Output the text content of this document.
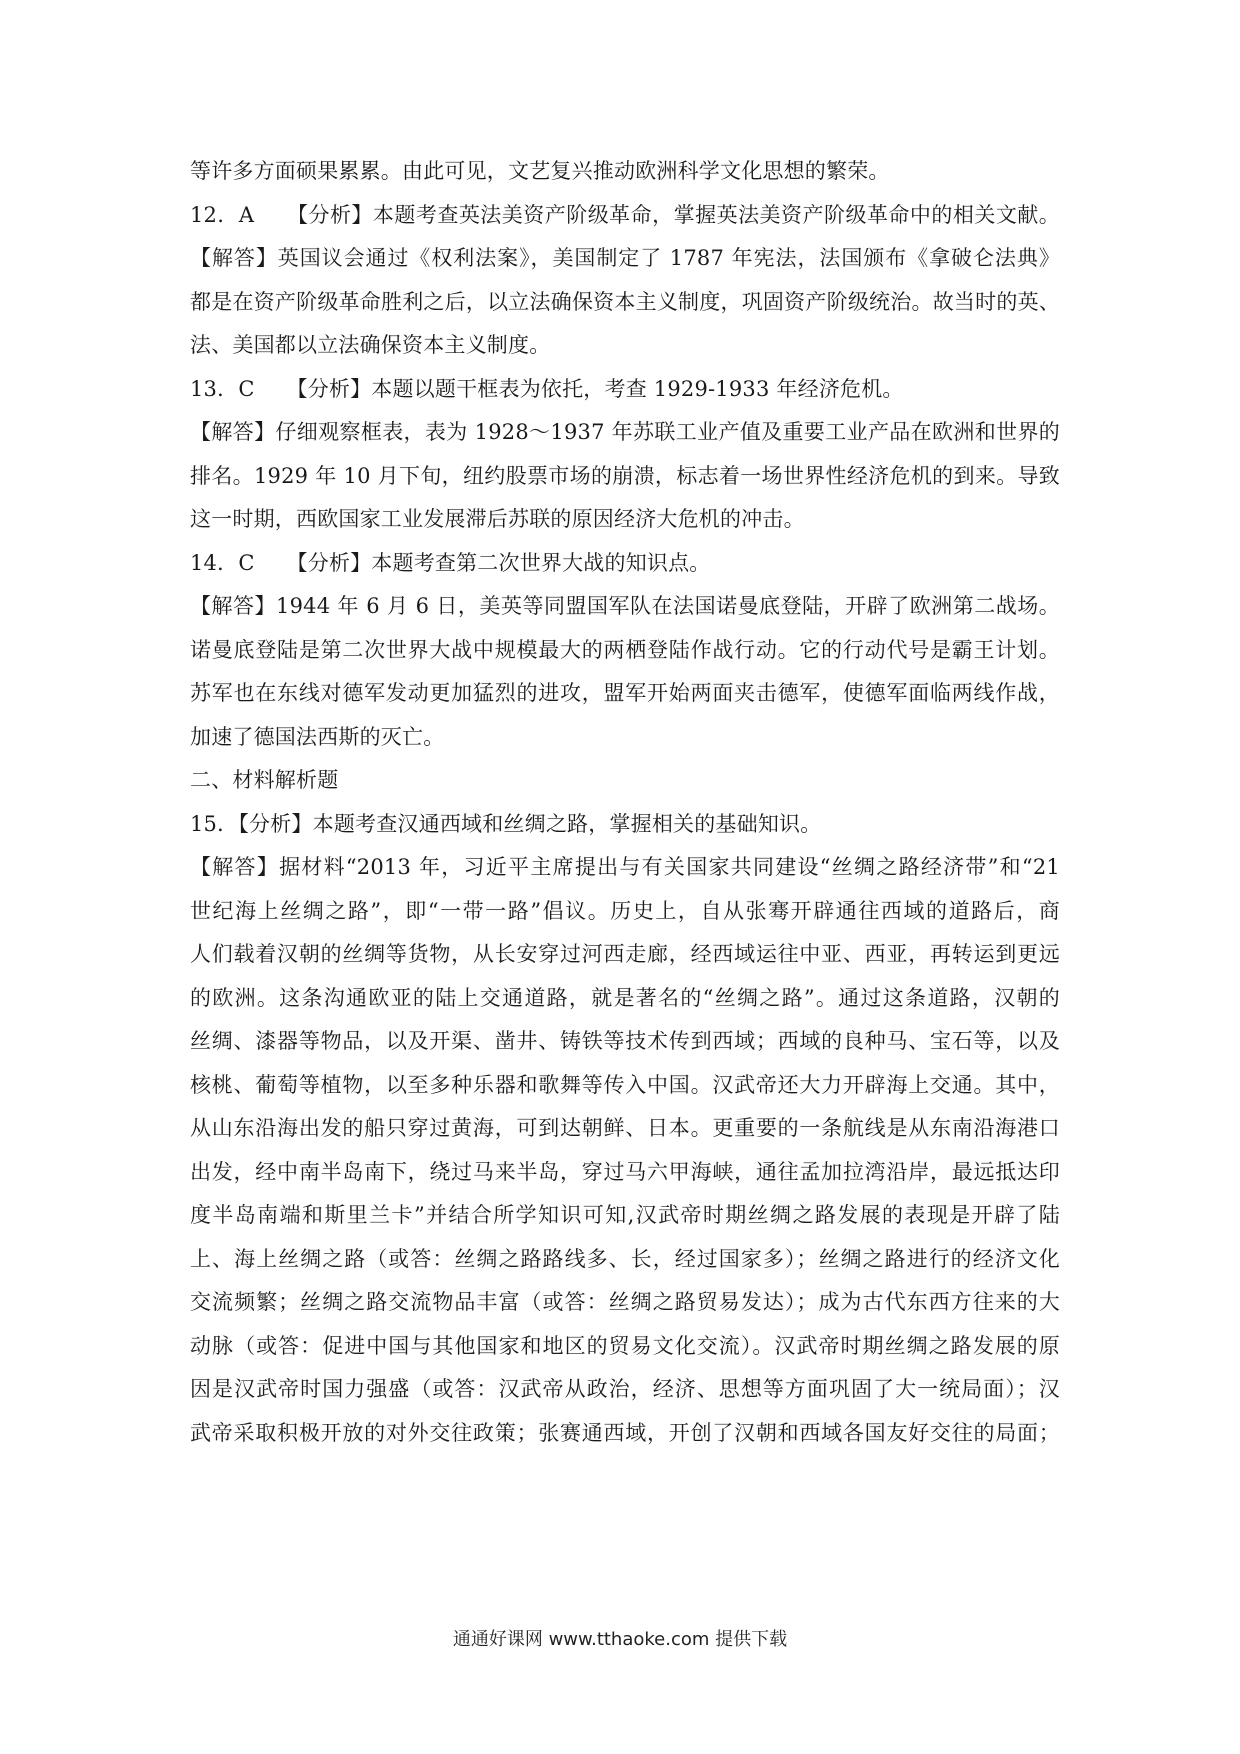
等许多方面硕果累累。由此可见，文艺复兴推动欧洲科学文化思想的繁荣。
12．A　　【分析】本题考查英法美资产阶级革命，掌握英法美资产阶级革命中的相关文献。
【解答】英国议会通过《权利法案》，美国制定了 1787 年宪法，法国颁布《拿破仑法典》
都是在资产阶级革命胜利之后，以立法确保资本主义制度，巩固资产阶级统治。故当时的英、
法、美国都以立法确保资本主义制度。
13．C　　【分析】本题以题干框表为依托，考查 1929-1933 年经济危机。
【解答】仔细观察框表，表为 1928～1937 年苏联工业产值及重要工业产品在欧洲和世界的
排名。1929 年 10 月下旬，纽约股票市场的崩溃，标志着一场世界性经济危机的到来。导致
这一时期，西欧国家工业发展滞后苏联的原因经济大危机的冲击。
14．C　　【分析】本题考查第二次世界大战的知识点。
【解答】1944 年 6 月 6 日，美英等同盟国军队在法国诺曼底登陆，开辟了欧洲第二战场。
诺曼底登陆是第二次世界大战中规模最大的两栖登陆作战行动。它的行动代号是霸王计划。
苏军也在东线对德军发动更加猛烈的进攻，盟军开始两面夹击德军，使德军面临两线作战，
加速了德国法西斯的灭亡。
二、材料解析题
15．【分析】本题考查汉通西域和丝绸之路，掌握相关的基础知识。
【解答】据材料“2013 年，习近平主席提出与有关国家共同建设“丝绸之路经济带”和“21
世纪海上丝绸之路”，即“一带一路”倡议。历史上，自从张骞开辟通往西域的道路后，商
人们载着汉朝的丝绸等货物，从长安穿过河西走廊，经西域运往中亚、西亚，再转运到更远
的欧洲。这条沟通欧亚的陆上交通道路，就是著名的“丝绸之路”。通过这条道路，汉朝的
丝绸、漆器等物品，以及开渠、凿井、铸铁等技术传到西域；西域的良种马、宝石等，以及
核桃、葡萄等植物，以至多种乐器和歌舞等传入中国。汉武帝还大力开辟海上交通。其中，
从山东沿海出发的船只穿过黄海，可到达朝鲜、日本。更重要的一条航线是从东南沿海港口
出发，经中南半岛南下，绕过马来半岛，穿过马六甲海峡，通往孟加拉湾沿岸，最远抵达印
度半岛南端和斯里兰卡”并结合所学知识可知,汉武帝时期丝绸之路发展的表现是开辟了陆
上、海上丝绸之路（或答：丝绸之路路线多、长，经过国家多）；丝绸之路进行的经济文化
交流频繁；丝绸之路交流物品丰富（或答：丝绸之路贸易发达）；成为古代东西方往来的大
动脉（或答：促进中国与其他国家和地区的贸易文化交流）。汉武帝时期丝绸之路发展的原
因是汉武帝时国力强盛（或答：汉武帝从政治，经济、思想等方面巩固了大一统局面）；汉
武帝采取积极开放的对外交往政策；张赛通西域，开创了汉朝和西域各国友好交往的局面；
通通好课网 www.tthaoke.com 提供下载
